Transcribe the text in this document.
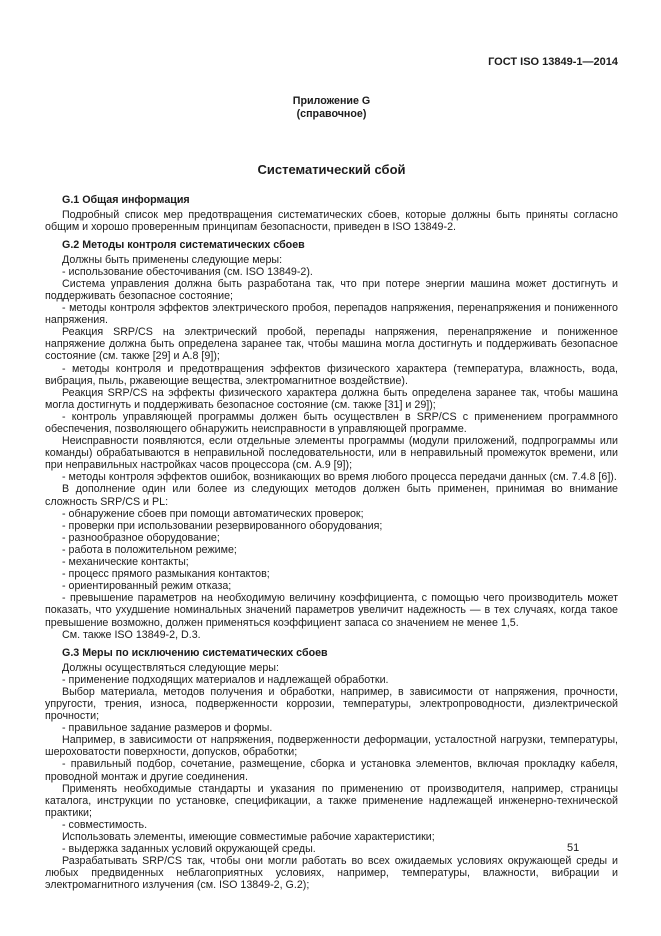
ГОСТ ISO 13849-1—2014
Приложение G
(справочное)
Систематический сбой
G.1 Общая информация

Подробный список мер предотвращения систематических сбоев, которые должны быть приняты согласно общим и хорошо проверенным принципам безопасности, приведен в ISO 13849-2.

G.2 Методы контроля систематических сбоев

Должны быть применены следующие меры:

- использование обесточивания (см. ISO 13849-2).

Система управления должна быть разработана так, что при потере энергии машина может достигнуть и поддерживать безопасное состояние;

- методы контроля эффектов электрического пробоя, перепадов напряжения, перенапряжения и пониженного напряжения.

Реакция SRP/CS на электрический пробой, перепады напряжения, перенапряжение и пониженное напряжение должна быть определена заранее так, чтобы машина могла достигнуть и поддерживать безопасное состояние (см. также [29] и A.8 [9]);

- методы контроля и предотвращения эффектов физического характера (температура, влажность, вода, вибрация, пыль, ржавеющие вещества, электромагнитное воздействие).

Реакция SRP/CS на эффекты физического характера должна быть определена заранее так, чтобы машина могла достигнуть и поддерживать безопасное состояние (см. также [31] и 29]);

- контроль управляющей программы должен быть осуществлен в SRP/CS с применением программного обеспечения, позволяющего обнаружить неисправности в управляющей программе.

Неисправности появляются, если отдельные элементы программы (модули приложений, подпрограммы или команды) обрабатываются в неправильной последовательности, или в неправильный промежуток времени, или при неправильных настройках часов процессора (см. A.9 [9]);

- методы контроля эффектов ошибок, возникающих во время любого процесса передачи данных (см. 7.4.8 [6]).

В дополнение один или более из следующих методов должен быть применен, принимая во внимание сложность SRP/CS и PL:

- обнаружение сбоев при помощи автоматических проверок;

- проверки при использовании резервированного оборудования;

- разнообразное оборудование;

- работа в положительном режиме;

- механические контакты;

- процесс прямого размыкания контактов;

- ориентированный режим отказа;

- превышение параметров на необходимую величину коэффициента, с помощью чего производитель может показать, что ухудшение номинальных значений параметров увеличит надежность — в тех случаях, когда такое превышение возможно, должен применяться коэффициент запаса со значением не менее 1,5.

См. также ISO 13849-2, D.3.

G.3 Меры по исключению систематических сбоев

Должны осуществляться следующие меры:

- применение подходящих материалов и надлежащей обработки.

Выбор материала, методов получения и обработки, например, в зависимости от напряжения, прочности, упругости, трения, износа, подверженности коррозии, температуры, электропроводности, диэлектрической прочности;

- правильное задание размеров и формы.

Например, в зависимости от напряжения, подверженности деформации, усталостной нагрузки, температуры, шероховатости поверхности, допусков, обработки;

- правильный подбор, сочетание, размещение, сборка и установка элементов, включая прокладку кабеля, проводной монтаж и другие соединения.

Применять необходимые стандарты и указания по применению от производителя, например, страницы каталога, инструкции по установке, спецификации, а также применение надлежащей инженерно-технической практики;

- совместимость.

Использовать элементы, имеющие совместимые рабочие характеристики;

- выдержка заданных условий окружающей среды.

Разрабатывать SRP/CS так, чтобы они могли работать во всех ожидаемых условиях окружающей среды и любых предвиденных неблагоприятных условиях, например, температуры, влажности, вибрации и электромагнитного излучения (см. ISO 13849-2, G.2);

51
